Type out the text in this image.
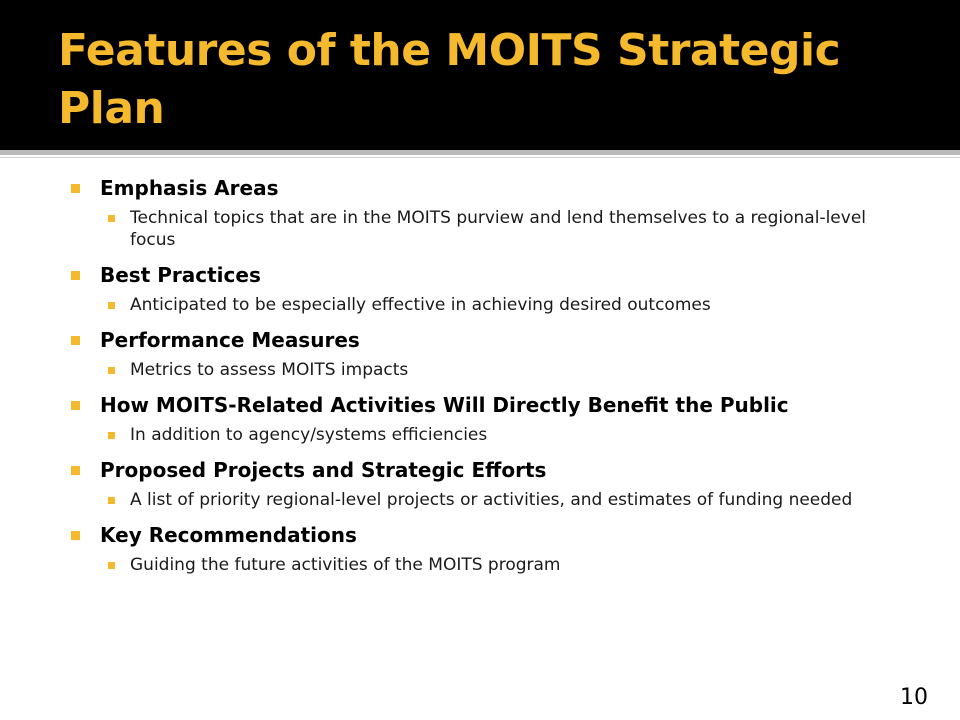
Features of the MOITS Strategic Plan
Emphasis Areas
Technical topics that are in the MOITS purview and lend themselves to a regional-level focus
Best Practices
Anticipated to be especially effective in achieving desired outcomes
Performance Measures
Metrics to assess MOITS impacts
How MOITS-Related Activities Will Directly Benefit the Public
In addition to agency/systems efficiencies
Proposed Projects and Strategic Efforts
A list of priority regional-level projects or activities, and estimates of funding needed
Key Recommendations
Guiding the future activities of the MOITS program
10
